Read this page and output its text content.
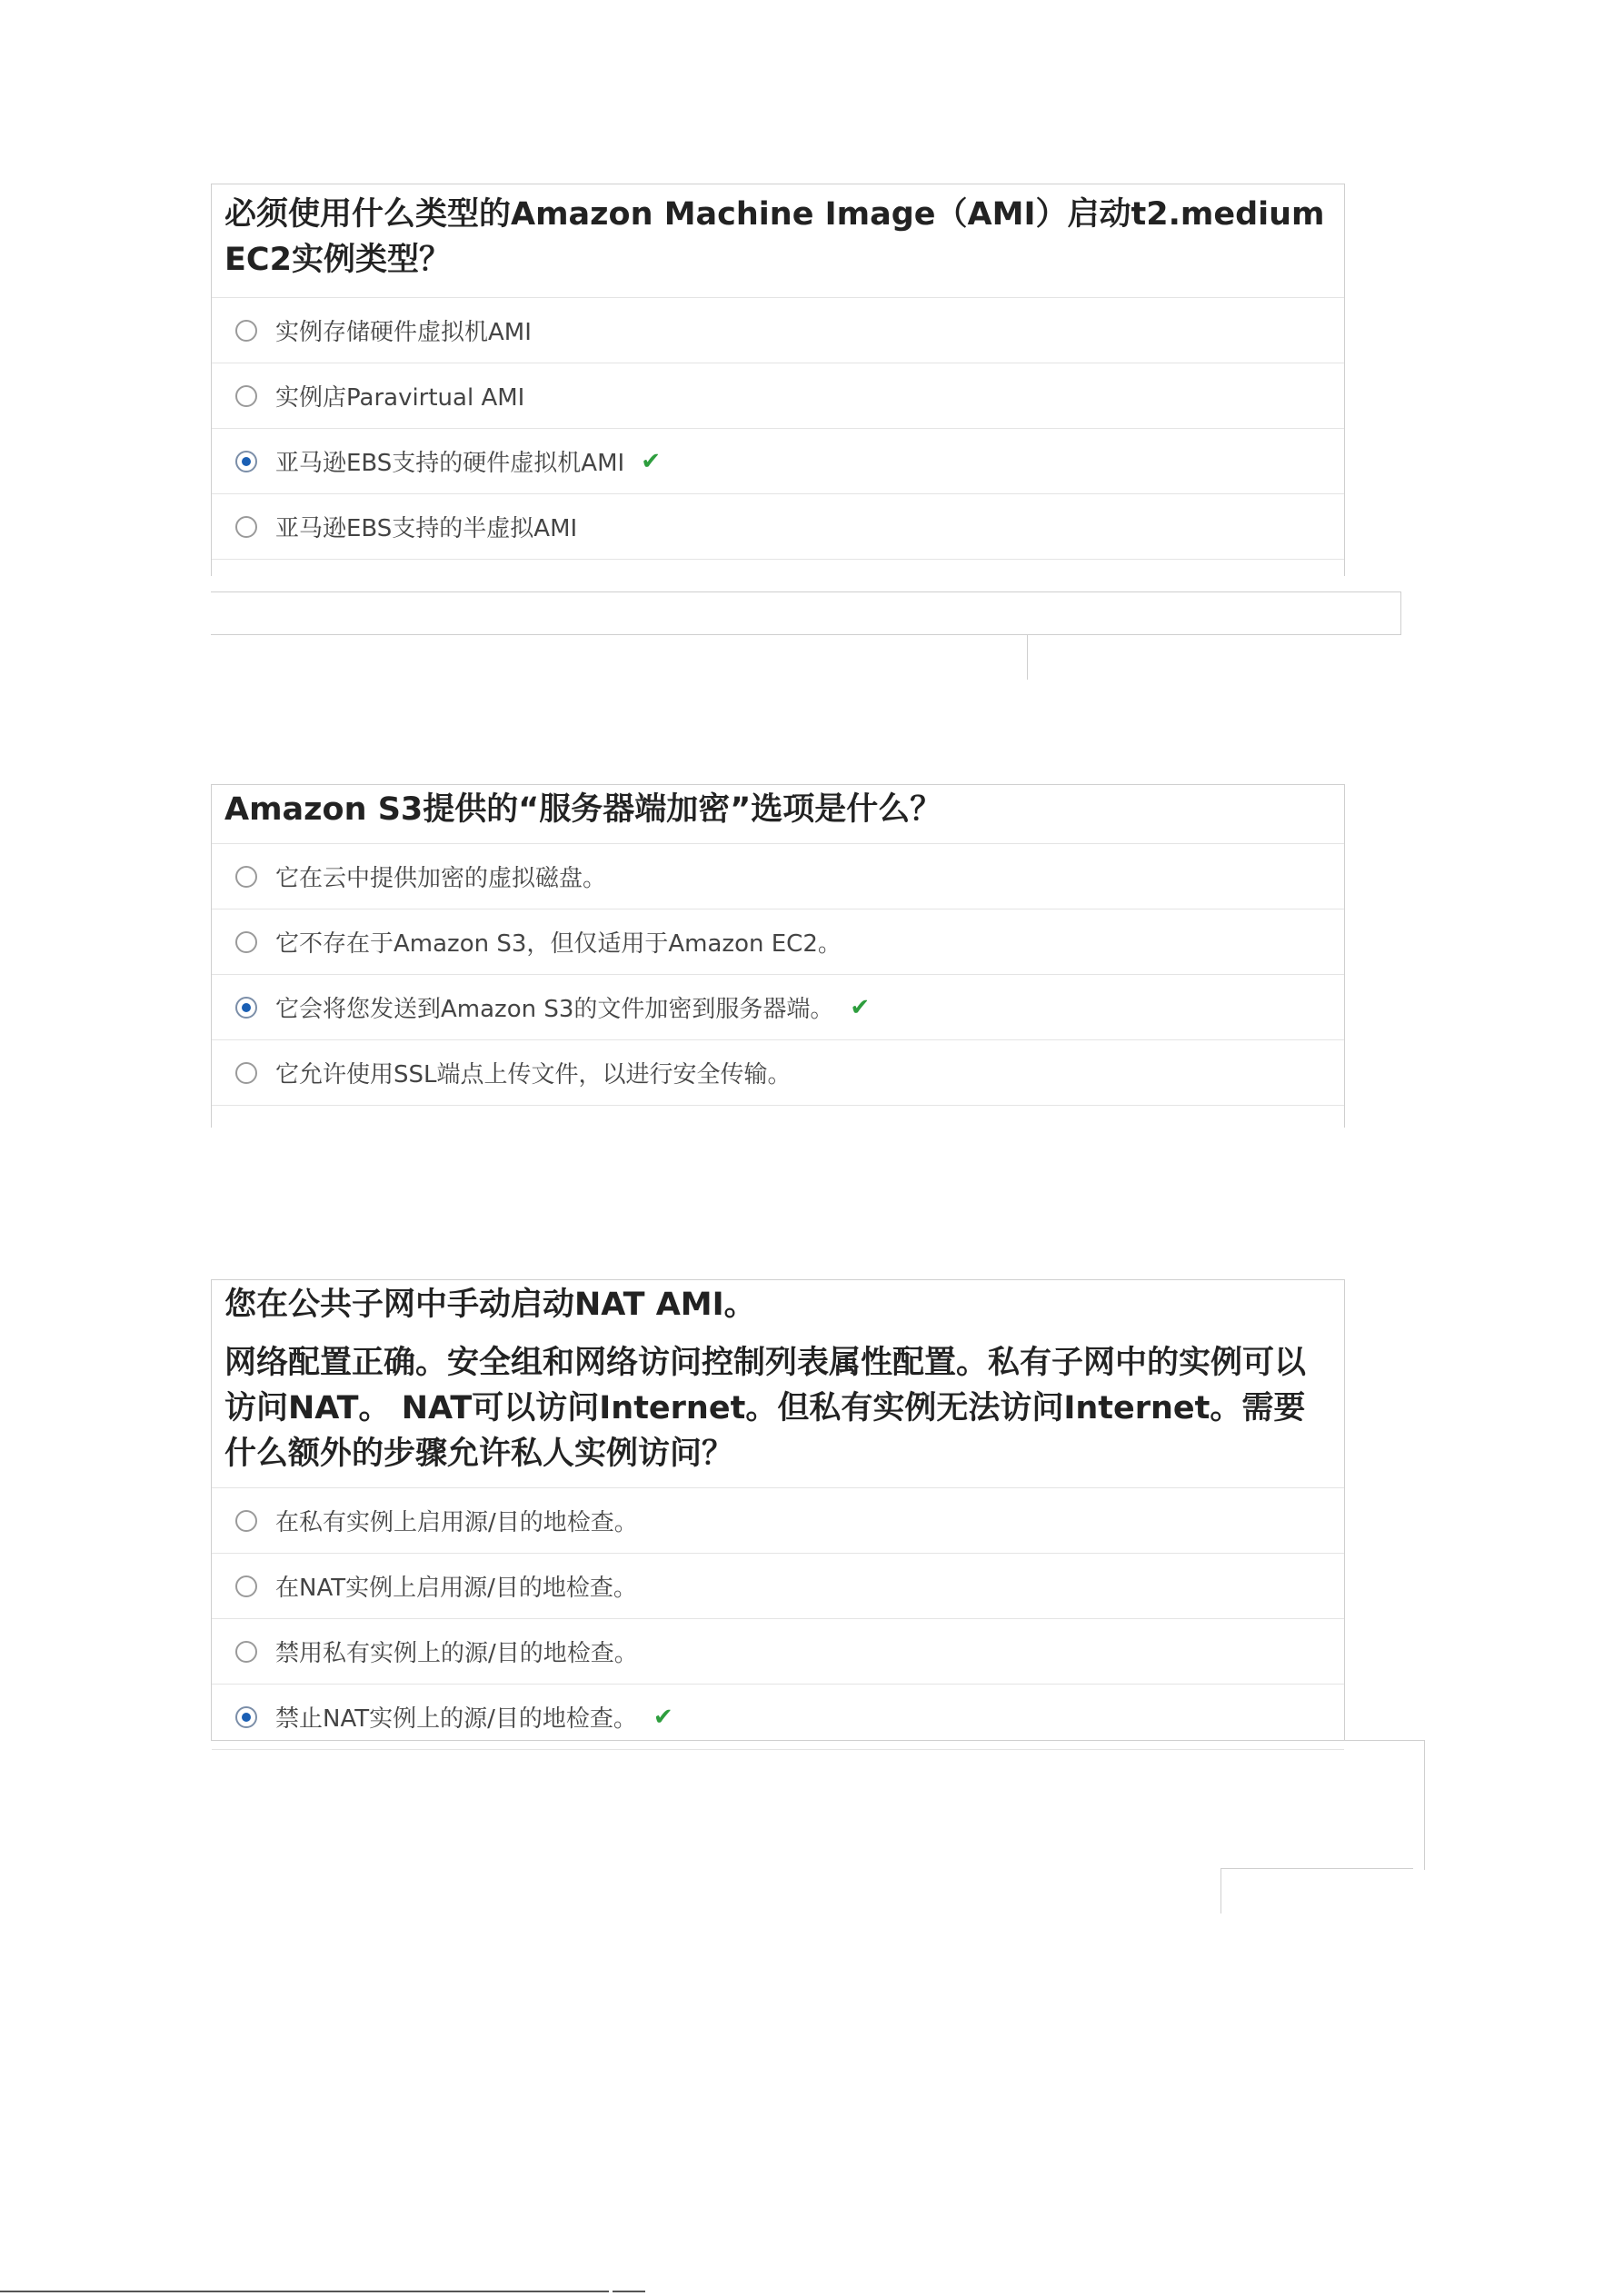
必须使用什么类型的Amazon Machine Image（AMI）启动t2.medium EC2实例类型？

实例存储硬件虚拟机AMI
实例店Paravirtual AMI
亚马逊EBS支持的硬件虚拟机AMI ✔
亚马逊EBS支持的半虚拟AMI

Amazon S3提供的“服务器端加密”选项是什么？

它在云中提供加密的虚拟磁盘。
它不存在于Amazon S3，但仅适用于Amazon EC2。
它会将您发送到Amazon S3的文件加密到服务器端。 ✔
它允许使用SSL端点上传文件，以进行安全传输。

您在公共子网中手动启动NAT AMI。

网络配置正确。安全组和网络访问控制列表属性配置。私有子网中的实例可以访问NAT。 NAT可以访问Internet。但私有实例无法访问Internet。需要什么额外的步骤允许私人实例访问？

在私有实例上启用源/目的地检查。
在NAT实例上启用源/目的地检查。
禁用私有实例上的源/目的地检查。
禁止NAT实例上的源/目的地检查。 ✔
